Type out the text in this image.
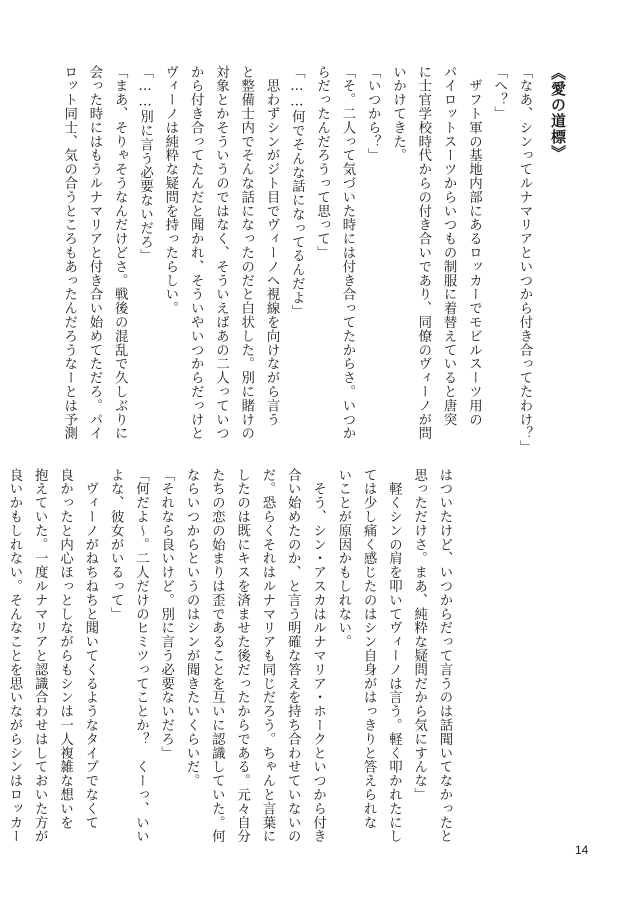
《愛の道標》
「なあ、シンってルナマリアといつから付き合ってたわけ？」
「へ？」
　ザフト軍の基地内部にあるロッカーでモビルスーツ用の
パイロットスーツからいつもの制服に着替えていると唐突
に士官学校時代からの付き合いであり、同僚のヴィーノが問
いかけてきた。
「いつから？」
「そ。二人って気づいた時には付き合ってたからさ。いつか
らだったんだろうって思って」
「……何でそんな話になってるんだよ」
　思わずシンがジト目でヴィーノへ視線を向けながら言う
と整備士内でそんな話になったのだと白状した。別に賭けの
対象とかそういうのではなく、そういえばあの二人っていつ
から付き合ってたんだと聞かれ、そういやいつからだっけと
ヴィーノは純粋な疑問を持ったらしい。
「……別に言う必要ないだろ」
「まあ、そりゃそうなんだけどさ。戦後の混乱で久しぶりに
会った時にはもうルナマリアと付き合い始めてただろ。パイ
ロット同士、気の合うところもあったんだろうなーとは予測
はついたけど、いつからだって言うのは話聞いてなかったと
思っただけさ。まあ、純粋な疑問だから気にすんな」
　軽くシンの肩を叩いてヴィーノは言う。軽く叩かれたにし
ては少し痛く感じたのはシン自身がはっきりと答えられな
いことが原因かもしれない。
　そう、シン・アスカはルナマリア・ホークといつから付き
合い始めたのか、と言う明確な答えを持ち合わせていないの
だ。恐らくそれはルナマリアも同じだろう。ちゃんと言葉に
したのは既にキスを済ませた後だったからである。元々自分
たちの恋の始まりは歪であることを互いに認識していた。何
ならいつからというのはシンが聞きたいくらいだ。
「それなら良いけど。別に言う必要ないだろ」
「何だよ〜。二人だけのヒミツってことか？　くーっ、いい
よな、彼女がいるって」
　ヴィーノがねちねちと聞いてくるようなタイプでなくて
良かったと内心ほっとしながらもシンは一人複雑な想いを
抱えていた。一度ルナマリアと認識合わせはしておいた方が
良いかもしれない。そんなことを思いながらシンはロッカー
14
